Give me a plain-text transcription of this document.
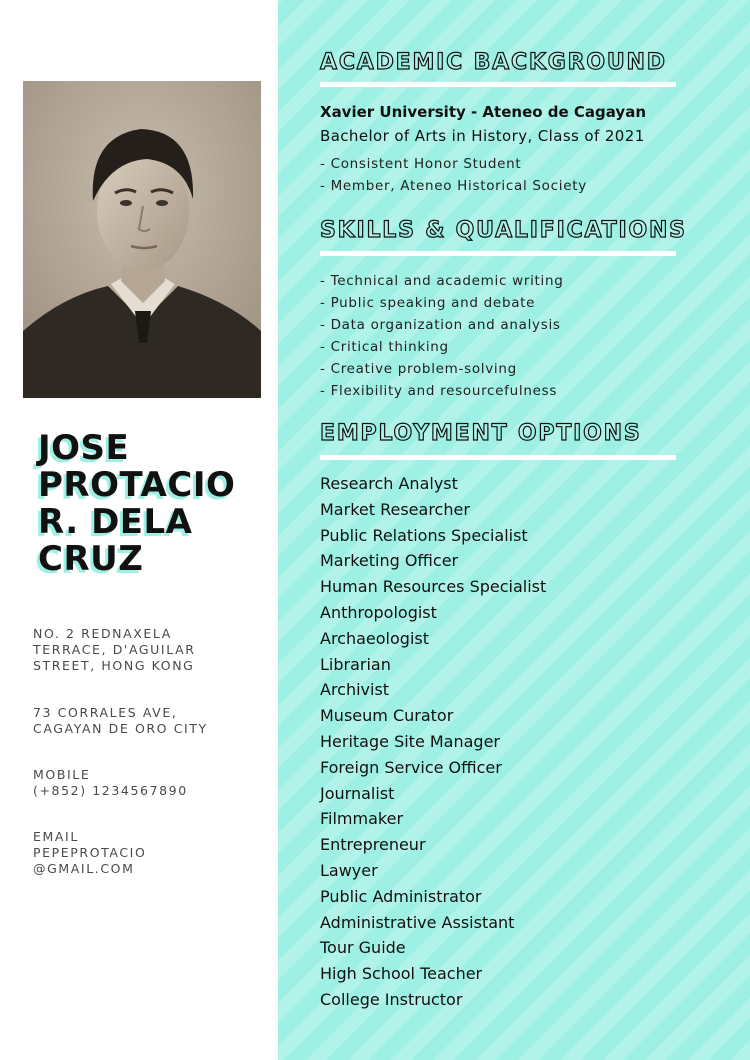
JOSE
PROTACIO
R. DELA
CRUZ
NO. 2 REDNAXELA
TERRACE, D'AGUILAR
STREET, HONG KONG
73 CORRALES AVE,
CAGAYAN DE ORO CITY
MOBILE
(+852) 1234567890
EMAIL
PEPEPROTACIO
@GMAIL.COM
ACADEMIC BACKGROUND
Xavier University - Ateneo de Cagayan
Bachelor of Arts in History, Class of 2021
- Consistent Honor Student
- Member, Ateneo Historical Society
SKILLS & QUALIFICATIONS
- Technical and academic writing
- Public speaking and debate
- Data organization and analysis
- Critical thinking
- Creative problem-solving
- Flexibility and resourcefulness
EMPLOYMENT OPTIONS
Research Analyst
Market Researcher
Public Relations Specialist
Marketing Officer
Human Resources Specialist
Anthropologist
Archaeologist
Librarian
Archivist
Museum Curator
Heritage Site Manager
Foreign Service Officer
Journalist
Filmmaker
Entrepreneur
Lawyer
Public Administrator
Administrative Assistant
Tour Guide
High School Teacher
College Instructor
